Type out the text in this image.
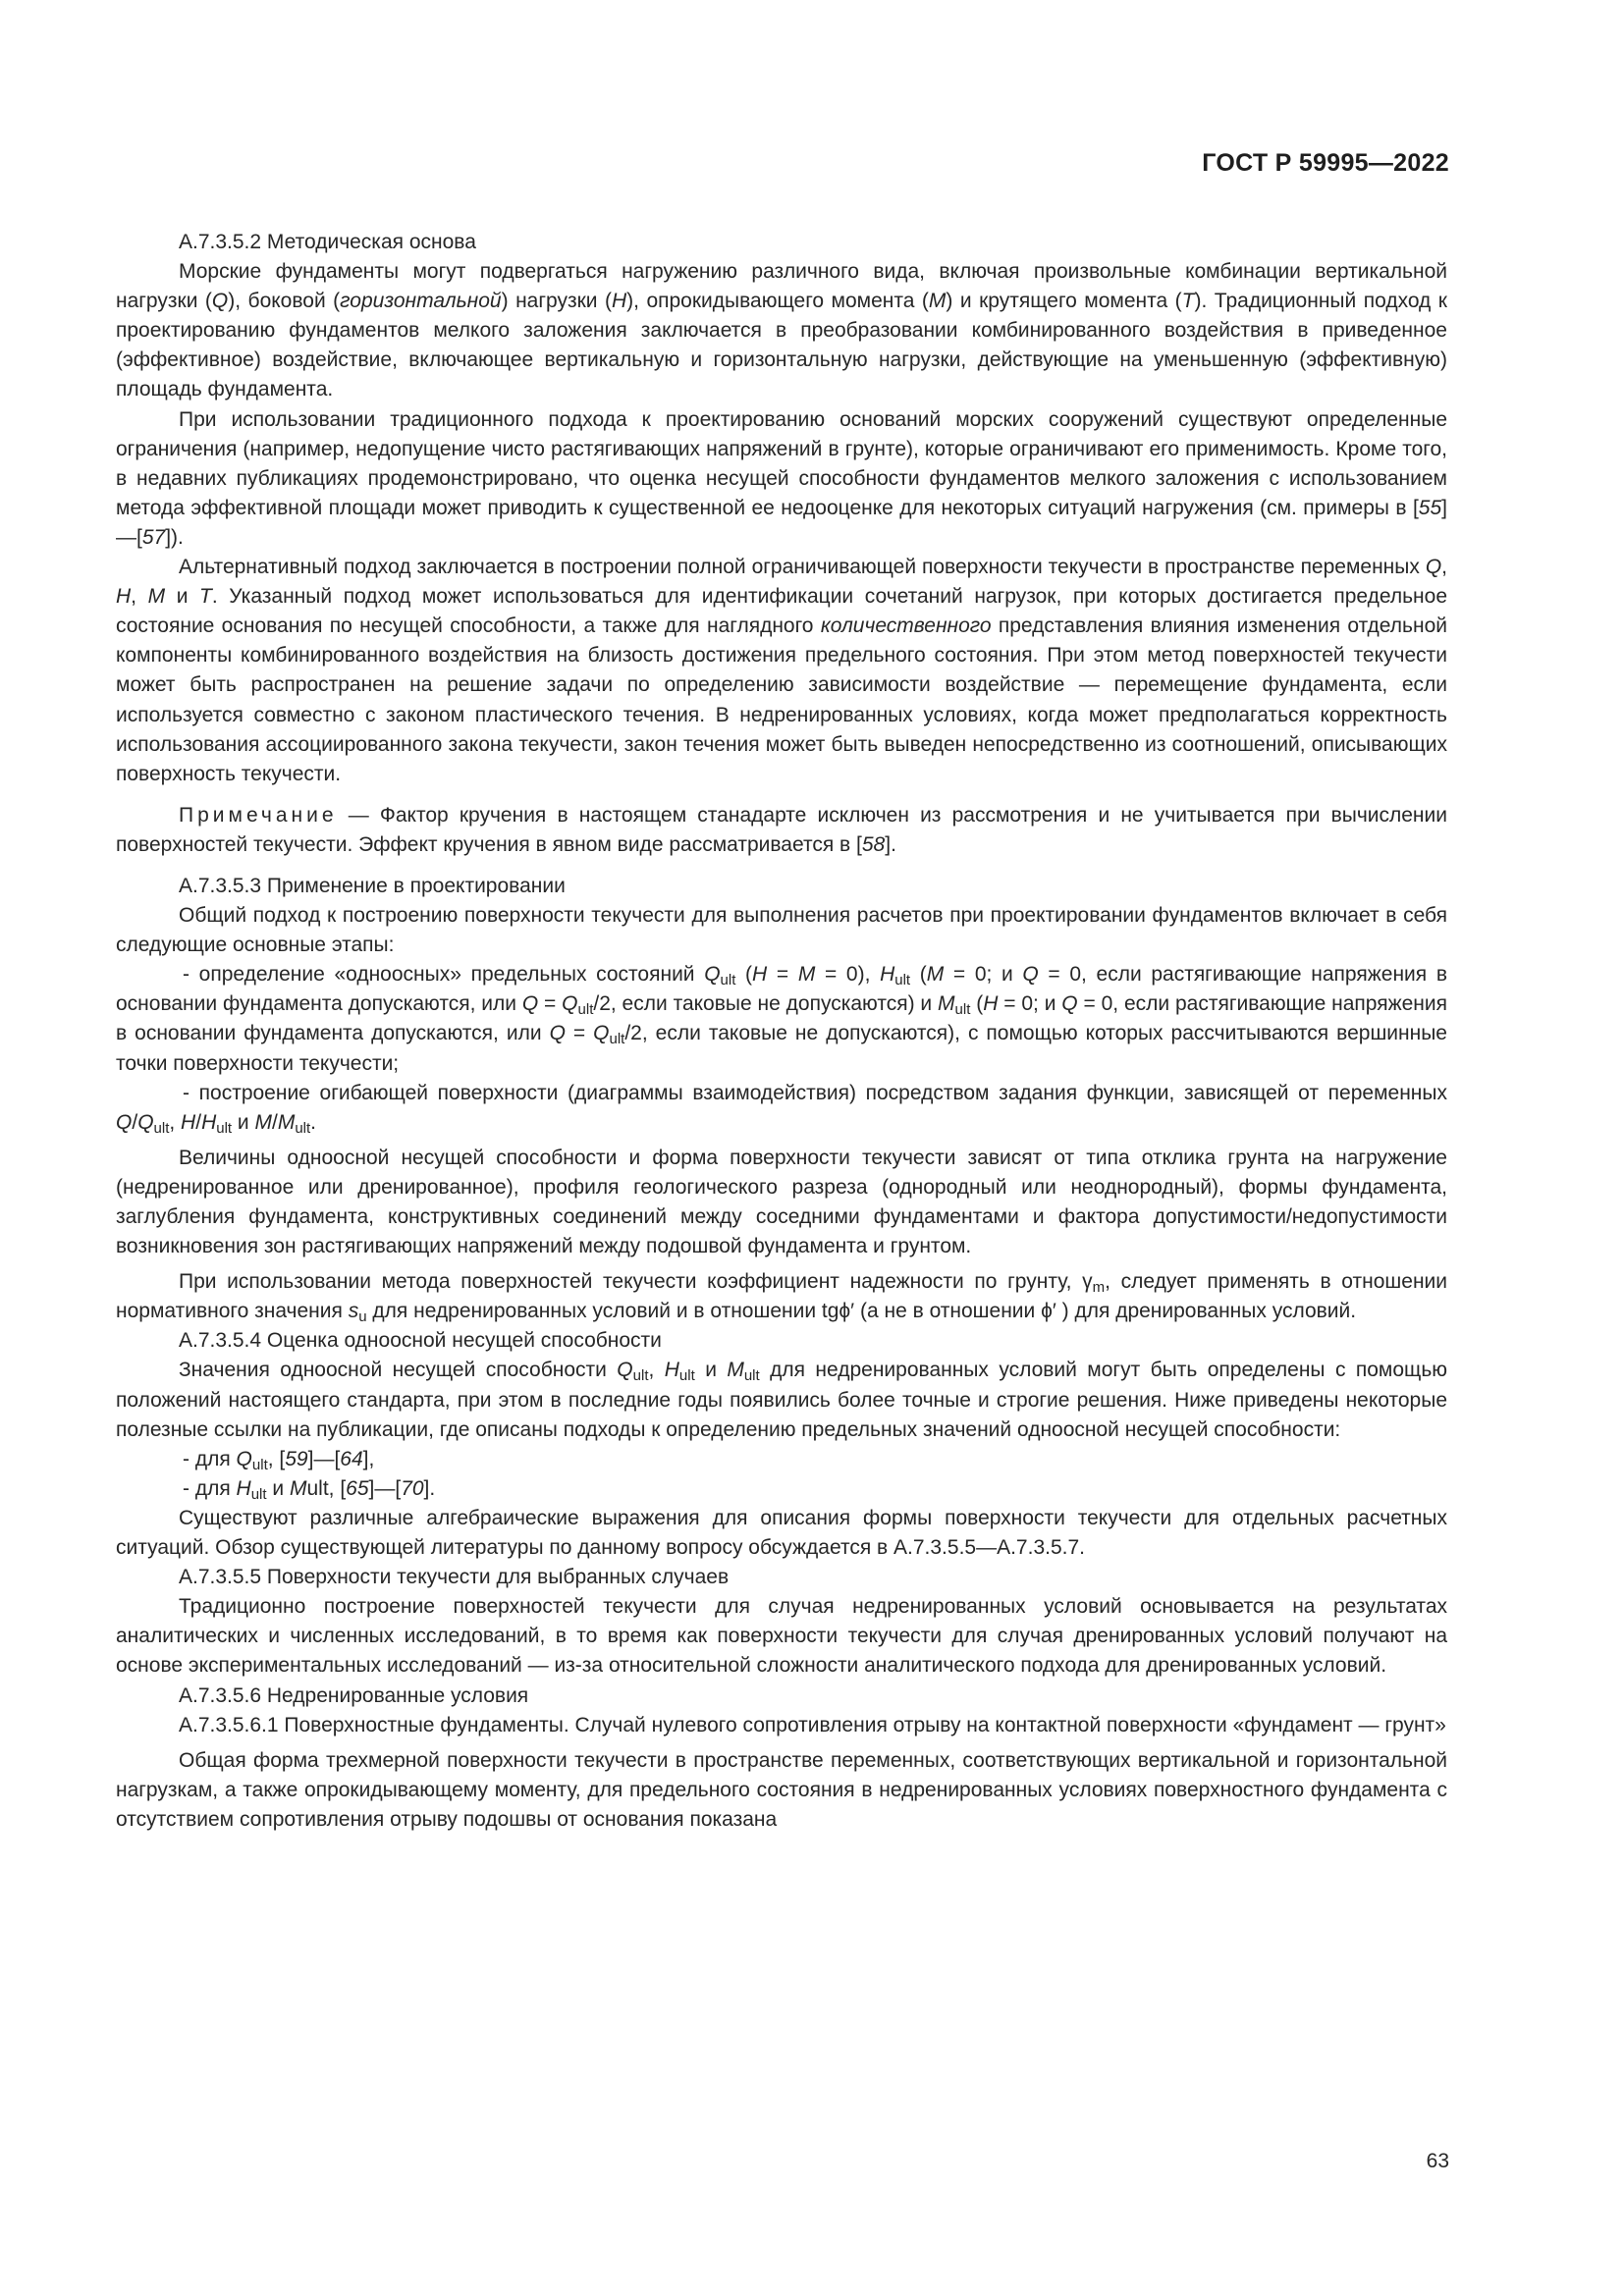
ГОСТ Р 59995—2022

А.7.3.5.2 Методическая основа

Морские фундаменты могут подвергаться нагружению различного вида, включая произвольные комбинации вертикальной нагрузки (Q), боковой (горизонтальной) нагрузки (H), опрокидывающего момента (M) и крутящего момента (T). Традиционный подход к проектированию фундаментов мелкого заложения заключается в преобразовании комбинированного воздействия в приведенное (эффективное) воздействие, включающее вертикальную и горизонтальную нагрузки, действующие на уменьшенную (эффективную) площадь фундамента.

При использовании традиционного подхода к проектированию оснований морских сооружений существуют определенные ограничения (например, недопущение чисто растягивающих напряжений в грунте), которые ограничивают его применимость. Кроме того, в недавних публикациях продемонстрировано, что оценка несущей способности фундаментов мелкого заложения с использованием метода эффективной площади может приводить к существенной ее недооценке для некоторых ситуаций нагружения (см. примеры в [55]—[57]).

Альтернативный подход заключается в построении полной ограничивающей поверхности текучести в пространстве переменных Q, H, M и T. Указанный подход может использоваться для идентификации сочетаний нагрузок, при которых достигается предельное состояние основания по несущей способности, а также для наглядного количественного представления влияния изменения отдельной компоненты комбинированного воздействия на близость достижения предельного состояния. При этом метод поверхностей текучести может быть распространен на решение задачи по определению зависимости воздействие — перемещение фундамента, если используется совместно с законом пластического течения. В недренированных условиях, когда может предполагаться корректность использования ассоциированного закона текучести, закон течения может быть выведен непосредственно из соотношений, описывающих поверхность текучести.

Примечание — Фактор кручения в настоящем станадарте исключен из рассмотрения и не учитывается при вычислении поверхностей текучести. Эффект кручения в явном виде рассматривается в [58].

А.7.3.5.3 Применение в проектировании

Общий подход к построению поверхности текучести для выполнения расчетов при проектировании фундаментов включает в себя следующие основные этапы:

- определение «одноосных» предельных состояний $Q_{ult}$ (H = M = 0), $H_{ult}$ (M = 0; и Q = 0, если растягивающие напряжения в основании фундамента допускаются, или $Q = Q_{ult}/2$, если таковые не допускаются) и $M_{ult}$ (H = 0; и Q = 0, если растягивающие напряжения в основании фундамента допускаются, или $Q = Q_{ult}/2$, если таковые не допускаются), с помощью которых рассчитываются вершинные точки поверхности текучести;

- построение огибающей поверхности (диаграммы взаимодействия) посредством задания функции, зависящей от переменных $Q/Q_{ult}$, $H/H_{ult}$ и $M/M_{ult}$.

Величины одноосной несущей способности и форма поверхности текучести зависят от типа отклика грунта на нагружение (недренированное или дренированное), профиля геологического разреза (однородный или неоднородный), формы фундамента, заглубления фундамента, конструктивных соединений между соседними фундаментами и фактора допустимости/недопустимости возникновения зон растягивающих напряжений между подошвой фундамента и грунтом.

При использовании метода поверхностей текучести коэффициент надежности по грунту, $\gamma_m$, следует применять в отношении нормативного значения $s_u$ для недренированных условий и в отношении tgϕ′ (а не в отношении ϕ′ ) для дренированных условий.

А.7.3.5.4 Оценка одноосной несущей способности

Значения одноосной несущей способности $Q_{ult}$, $H_{ult}$ и $M_{ult}$ для недренированных условий могут быть определены с помощью положений настоящего стандарта, при этом в последние годы появились более точные и строгие решения. Ниже приведены некоторые полезные ссылки на публикации, где описаны подходы к определению предельных значений одноосной несущей способности:

- для $Q_{ult}$, [59]—[64],

- для $H_{ult}$ и Mult, [65]—[70].

Существуют различные алгебраические выражения для описания формы поверхности текучести для отдельных расчетных ситуаций. Обзор существующей литературы по данному вопросу обсуждается в А.7.3.5.5—А.7.3.5.7.

А.7.3.5.5 Поверхности текучести для выбранных случаев

Традиционно построение поверхностей текучести для случая недренированных условий основывается на результатах аналитических и численных исследований, в то время как поверхности текучести для случая дренированных условий получают на основе экспериментальных исследований — из-за относительной сложности аналитического подхода для дренированных условий.

А.7.3.5.6 Недренированные условия

А.7.3.5.6.1 Поверхностные фундаменты. Случай нулевого сопротивления отрыву на контактной поверхности «фундамент — грунт»

Общая форма трехмерной поверхности текучести в пространстве переменных, соответствующих вертикальной и горизонтальной нагрузкам, а также опрокидывающему моменту, для предельного состояния в недренированных условиях поверхностного фундамента с отсутствием сопротивления отрыву подошвы от основания показана

63
